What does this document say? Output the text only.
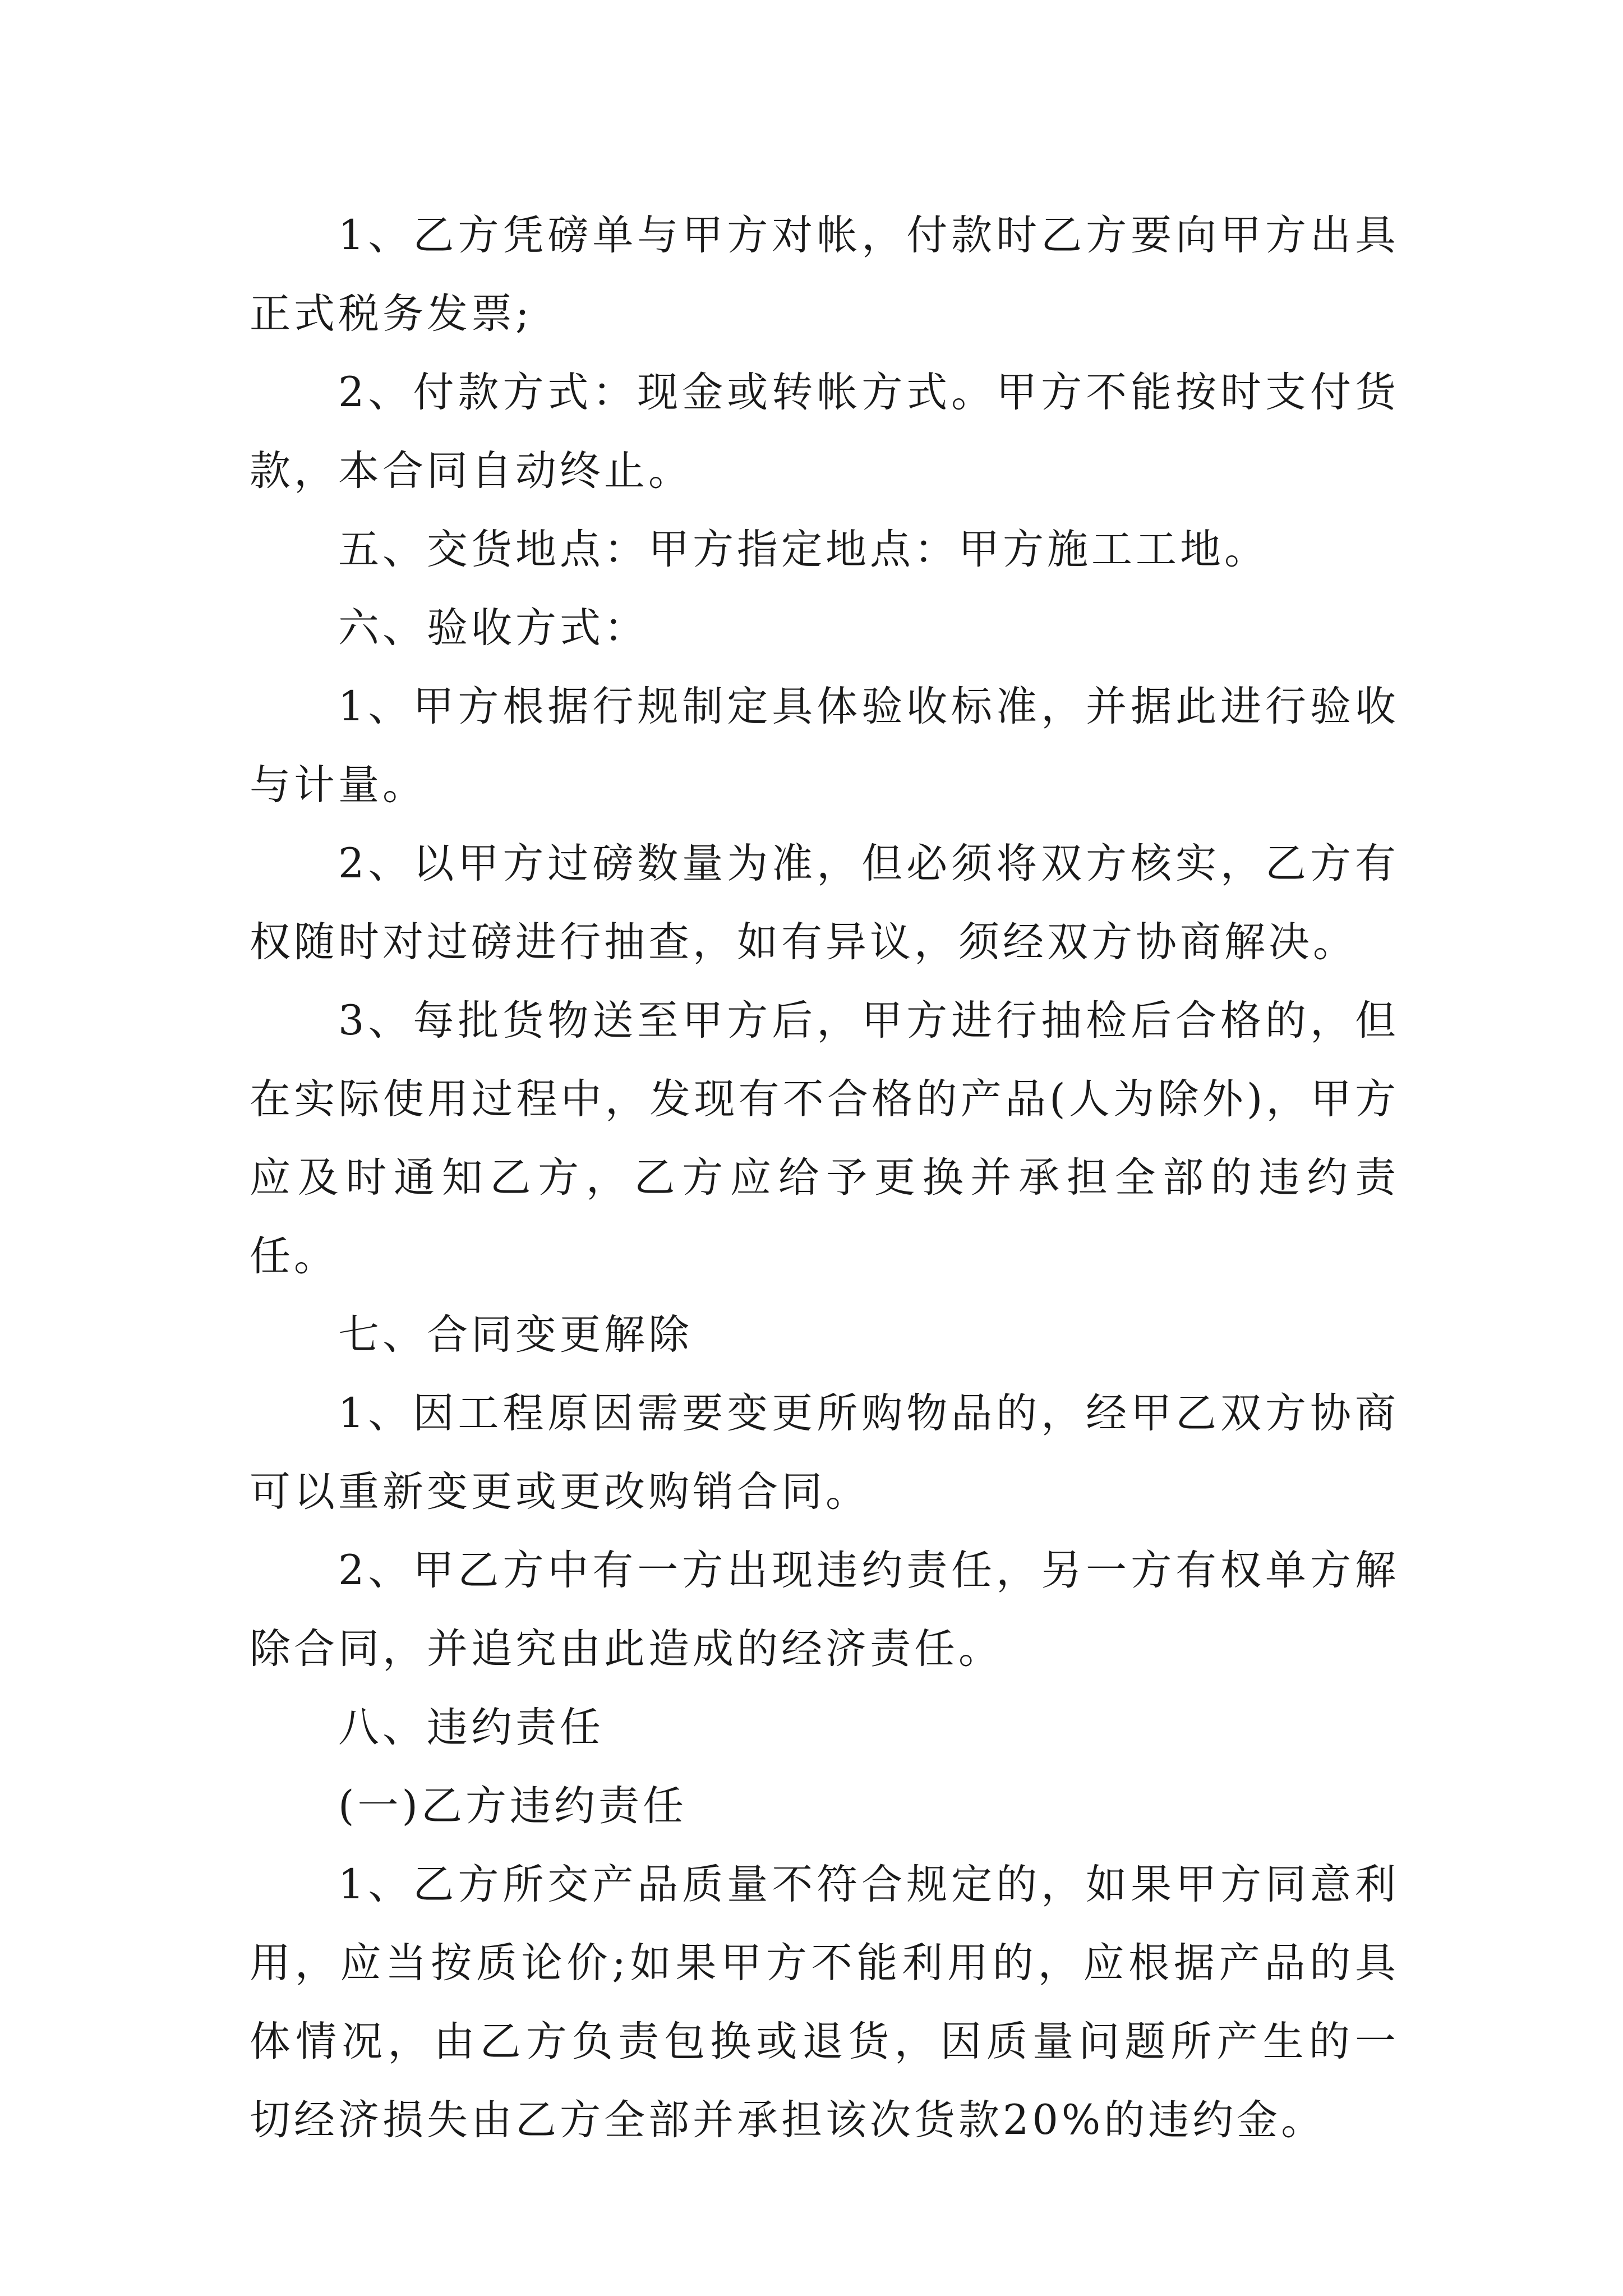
1、乙方凭磅单与甲方对帐，付款时乙方要向甲方出具正式税务发票;

2、付款方式：现金或转帐方式。甲方不能按时支付货款，本合同自动终止。

五、交货地点：甲方指定地点：甲方施工工地。

六、验收方式：

1、甲方根据行规制定具体验收标准，并据此进行验收与计量。

2、以甲方过磅数量为准，但必须将双方核实，乙方有权随时对过磅进行抽查，如有异议，须经双方协商解决。

3、每批货物送至甲方后，甲方进行抽检后合格的，但在实际使用过程中，发现有不合格的产品(人为除外)，甲方应及时通知乙方，乙方应给予更换并承担全部的违约责任。

七、合同变更解除

1、因工程原因需要变更所购物品的，经甲乙双方协商可以重新变更或更改购销合同。

2、甲乙方中有一方出现违约责任，另一方有权单方解除合同，并追究由此造成的经济责任。

八、违约责任

(一)乙方违约责任

1、乙方所交产品质量不符合规定的，如果甲方同意利用，应当按质论价;如果甲方不能利用的，应根据产品的具体情况，由乙方负责包换或退货，因质量问题所产生的一切经济损失由乙方全部并承担该次货款20%的违约金。
